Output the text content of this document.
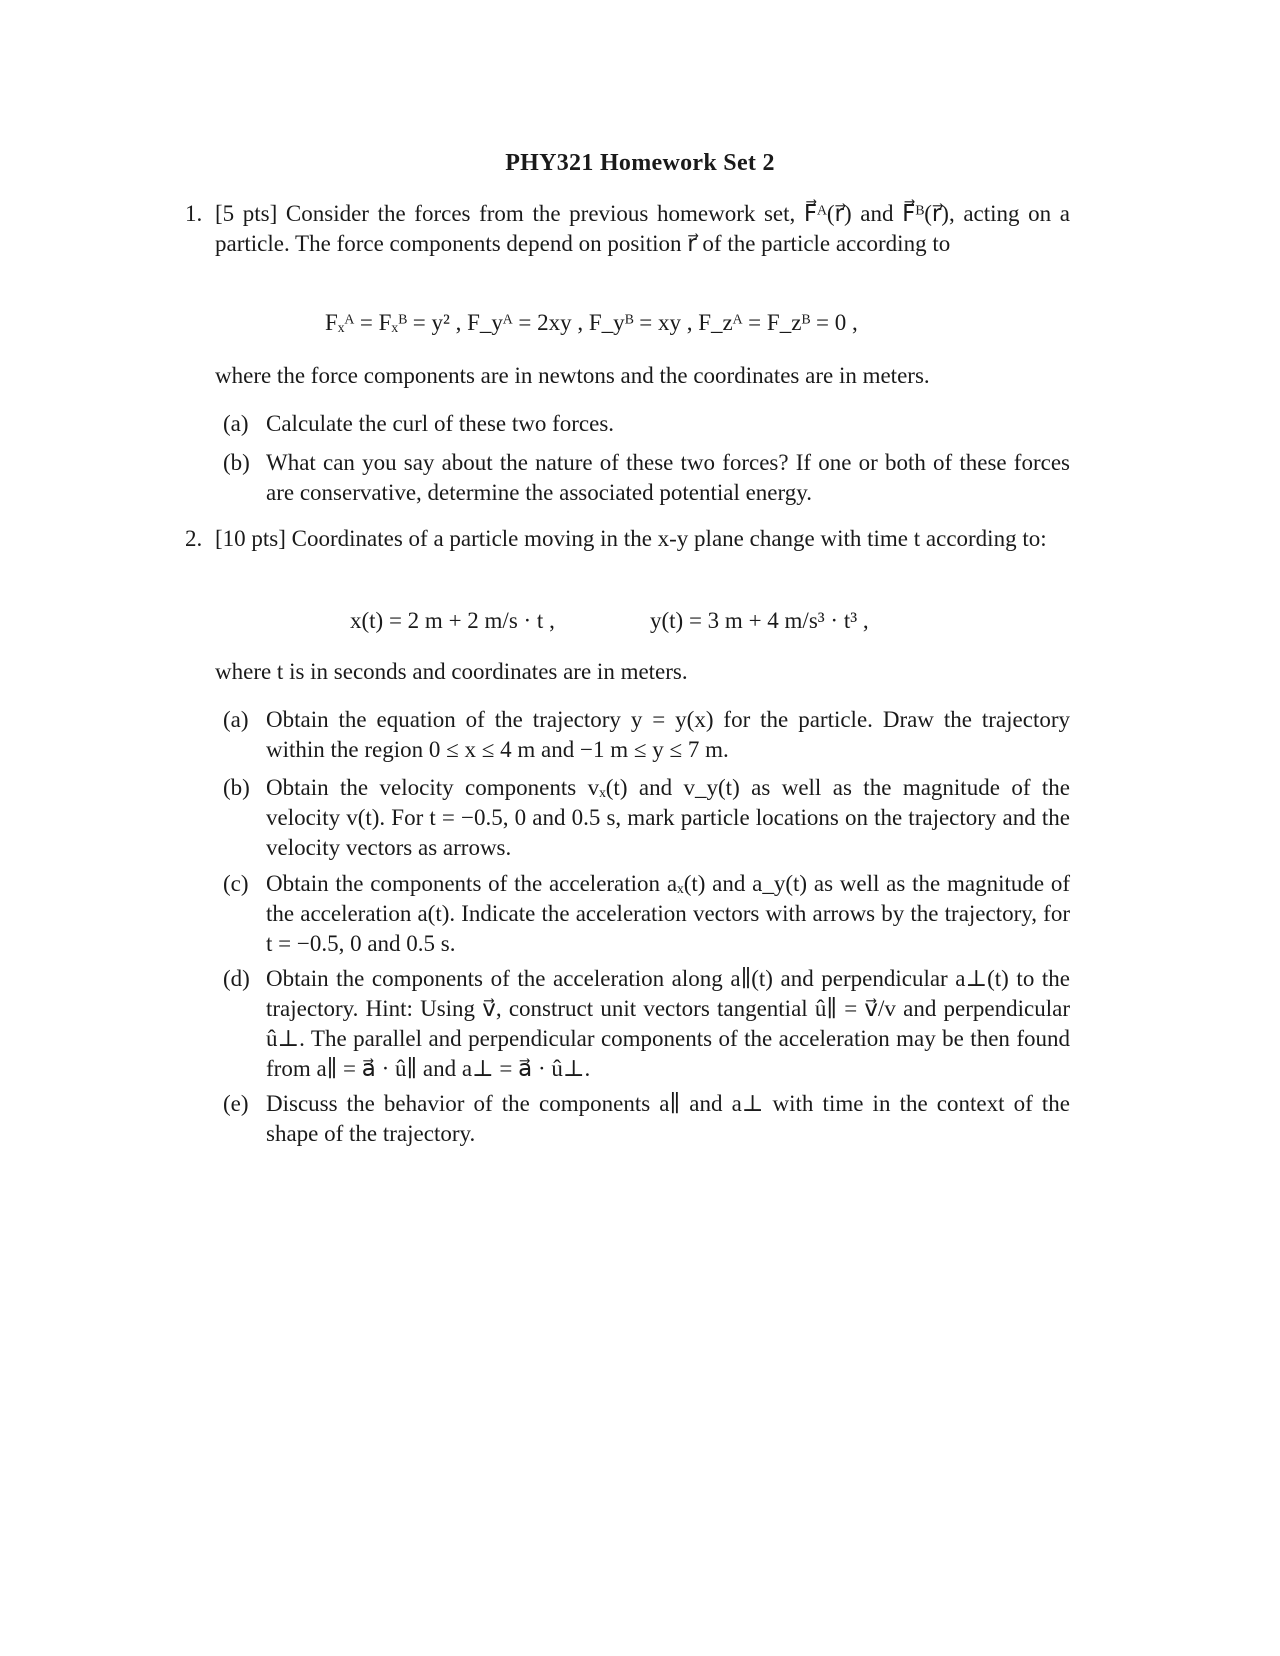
PHY321 Homework Set 2
1. [5 pts] Consider the forces from the previous homework set, F⃗ᴬ(r⃗) and F⃗ᴮ(r⃗), acting on a particle. The force components depend on position r⃗ of the particle according to
Fₓᴬ = Fₓᴮ = y² , F_yᴬ = 2xy , F_yᴮ = xy , F_zᴬ = F_zᴮ = 0 ,
where the force components are in newtons and the coordinates are in meters.
(a) Calculate the curl of these two forces.
(b) What can you say about the nature of these two forces? If one or both of these forces are conservative, determine the associated potential energy.
2. [10 pts] Coordinates of a particle moving in the x-y plane change with time t according to:
x(t) = 2 m + 2 m/s · t ,	y(t) = 3 m + 4 m/s³ · t³ ,
where t is in seconds and coordinates are in meters.
(a) Obtain the equation of the trajectory y = y(x) for the particle. Draw the trajectory within the region 0 ≤ x ≤ 4 m and −1 m ≤ y ≤ 7 m.
(b) Obtain the velocity components vₓ(t) and v_y(t) as well as the magnitude of the velocity v(t). For t = −0.5, 0 and 0.5 s, mark particle locations on the trajectory and the velocity vectors as arrows.
(c) Obtain the components of the acceleration aₓ(t) and a_y(t) as well as the magnitude of the acceleration a(t). Indicate the acceleration vectors with arrows by the trajectory, for t = −0.5, 0 and 0.5 s.
(d) Obtain the components of the acceleration along a∥(t) and perpendicular a⊥(t) to the trajectory. Hint: Using v⃗, construct unit vectors tangential û∥ = v⃗/v and perpendicular û⊥. The parallel and perpendicular components of the acceleration may be then found from a∥ = a⃗ · û∥ and a⊥ = a⃗ · û⊥.
(e) Discuss the behavior of the components a∥ and a⊥ with time in the context of the shape of the trajectory.
